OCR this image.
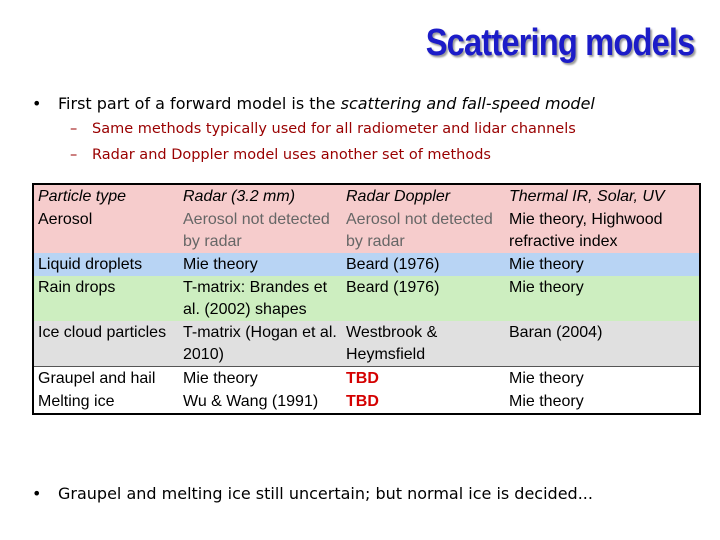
Scattering models
• First part of a forward model is the scattering and fall-speed model
– Same methods typically used for all radiometer and lidar channels
– Radar and Doppler model uses another set of methods
Particle type	Radar (3.2 mm)	Radar Doppler	Thermal IR, Solar, UV
Aerosol	Aerosol not detected by radar	Aerosol not detected by radar	Mie theory, Highwood refractive index
Liquid droplets	Mie theory	Beard (1976)	Mie theory
Rain drops	T-matrix: Brandes et al. (2002) shapes	Beard (1976)	Mie theory
Ice cloud particles	T-matrix (Hogan et al. 2010)	Westbrook & Heymsfield	Baran (2004)
Graupel and hail	Mie theory	TBD	Mie theory
Melting ice	Wu & Wang (1991)	TBD	Mie theory
• Graupel and melting ice still uncertain; but normal ice is decided...
